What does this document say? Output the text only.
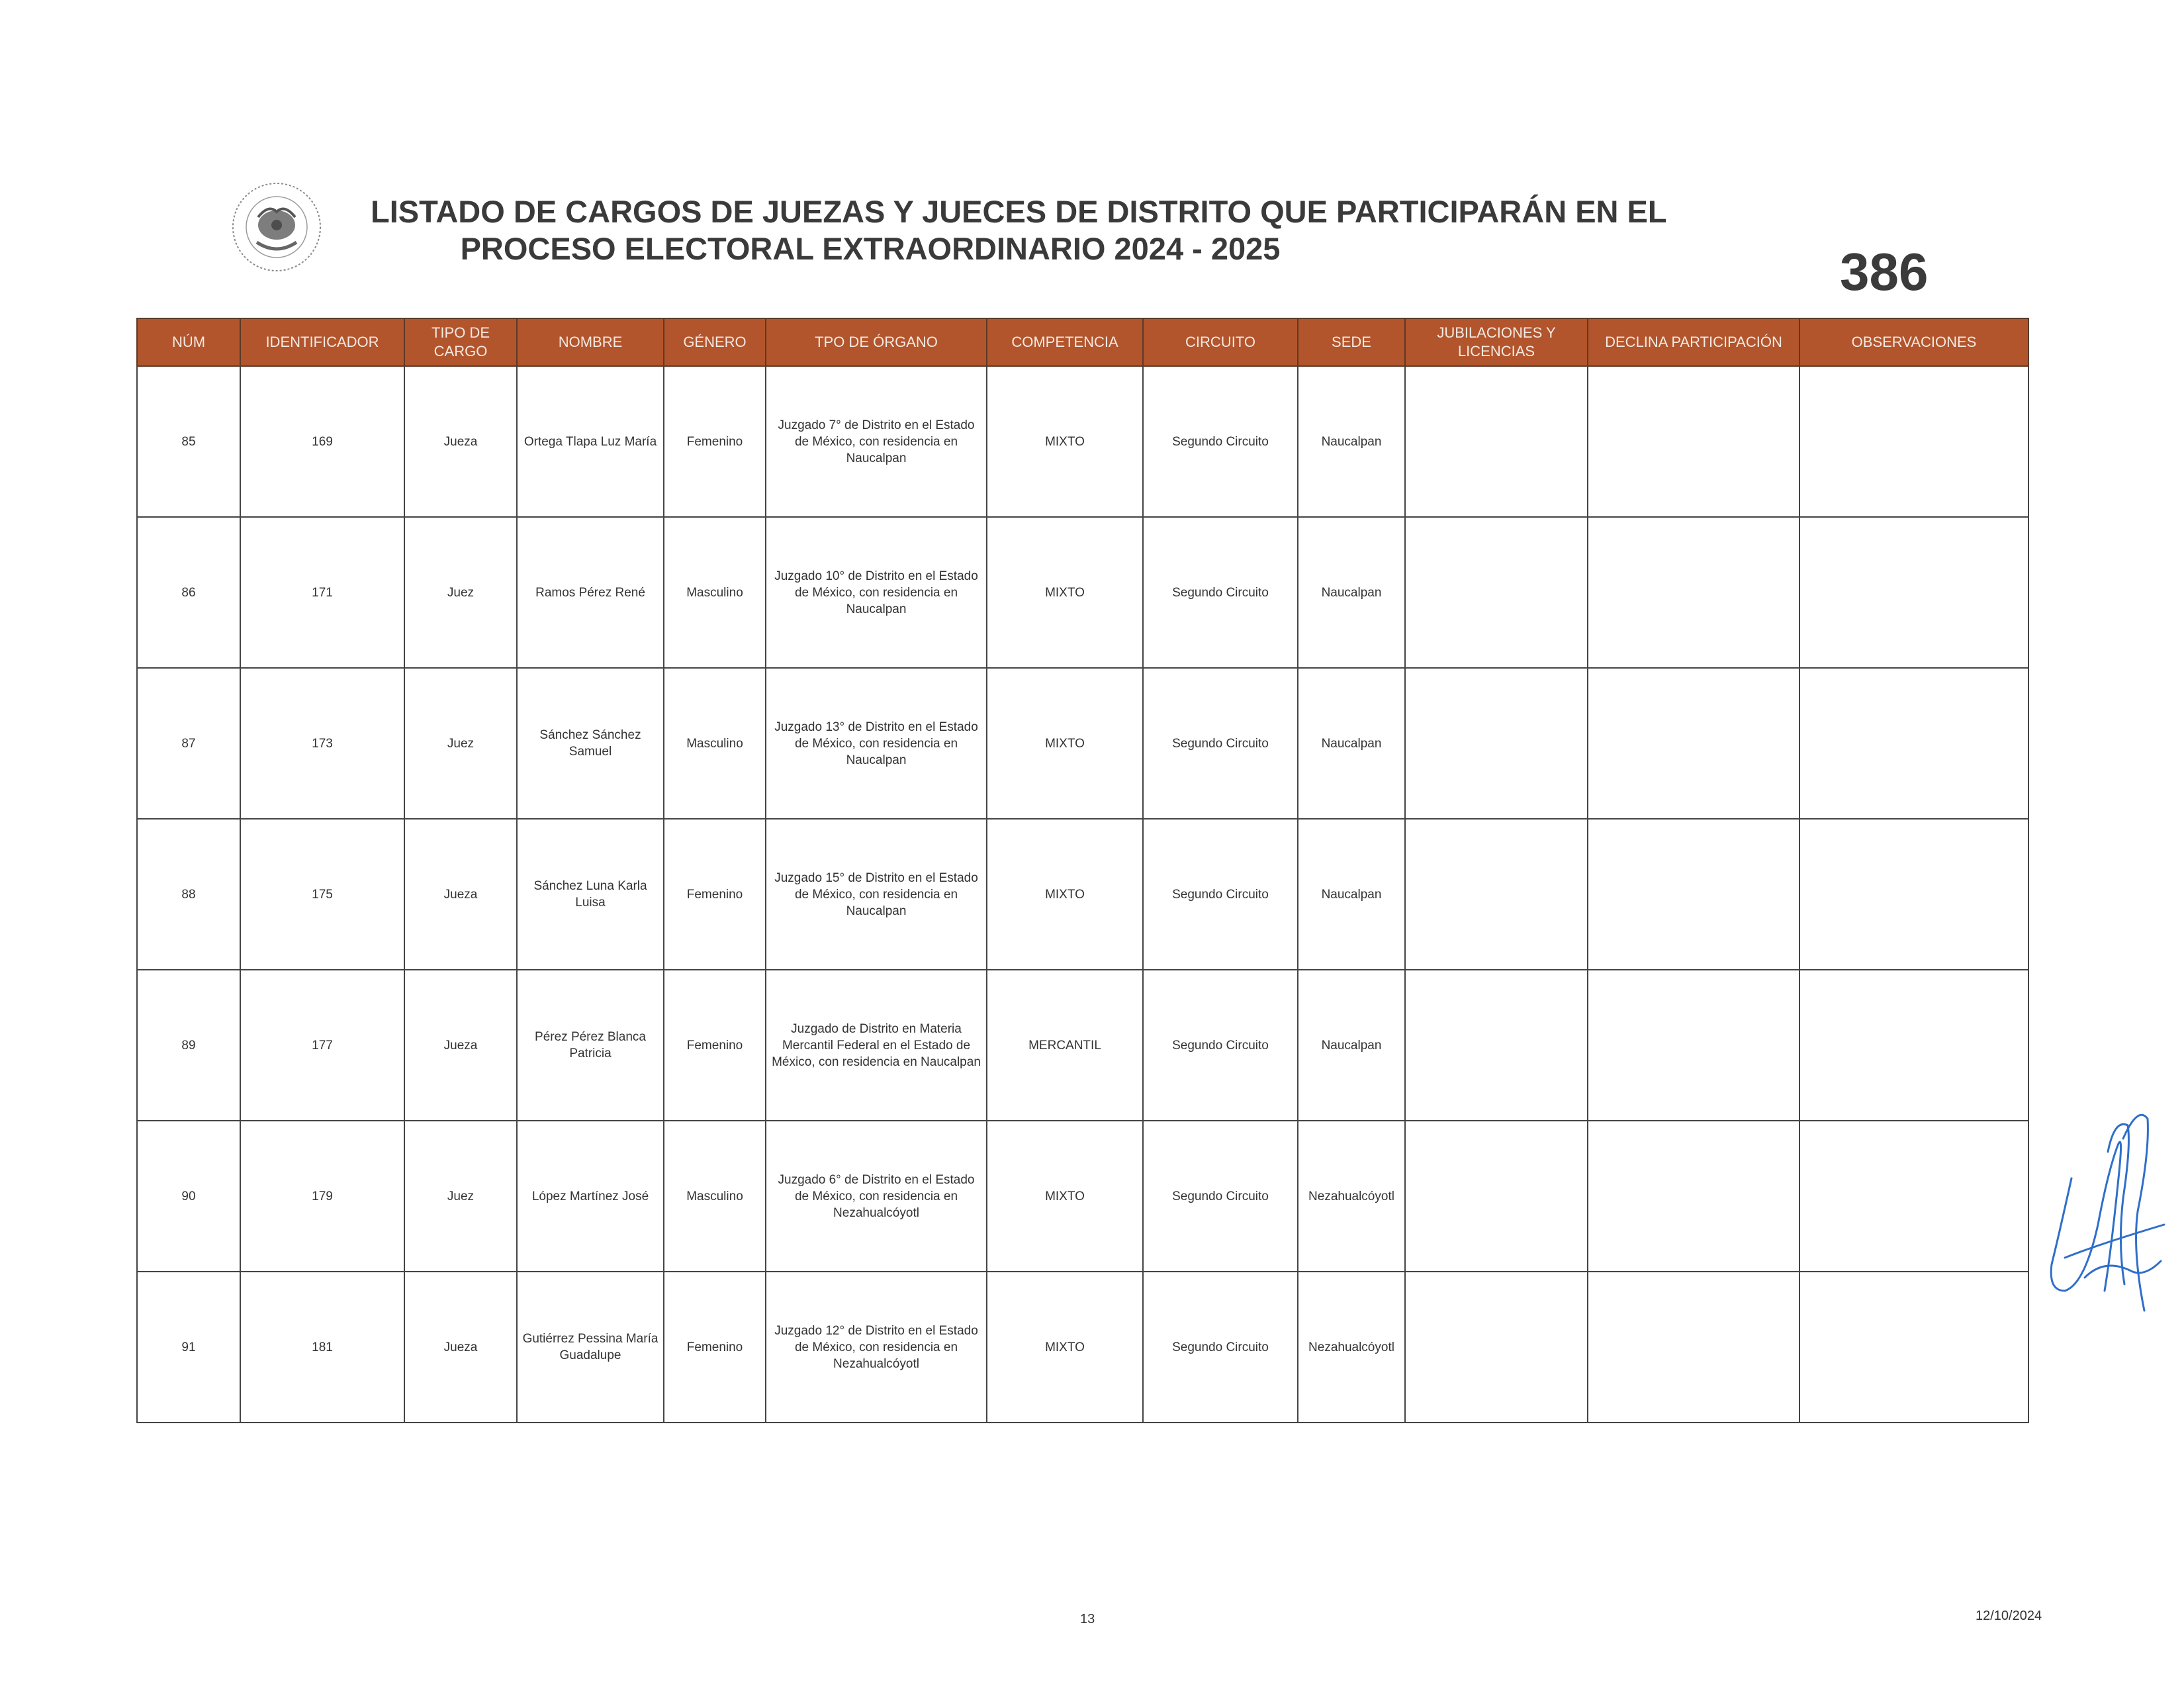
LISTADO DE CARGOS DE JUEZAS Y JUECES DE DISTRITO QUE PARTICIPARÁN EN EL
PROCESO ELECTORAL EXTRAORDINARIO 2024 - 2025	386
NÚM	IDENTIFICADOR	TIPO DE CARGO	NOMBRE	GÉNERO	TPO DE ÓRGANO	COMPETENCIA	CIRCUITO	SEDE	JUBILACIONES Y LICENCIAS	DECLINA PARTICIPACIÓN	OBSERVACIONES
85	169	Jueza	Ortega Tlapa Luz María	Femenino	Juzgado 7° de Distrito en el Estado de México, con residencia en Naucalpan	MIXTO	Segundo Circuito	Naucalpan			
86	171	Juez	Ramos Pérez René	Masculino	Juzgado 10° de Distrito en el Estado de México, con residencia en Naucalpan	MIXTO	Segundo Circuito	Naucalpan			
87	173	Juez	Sánchez Sánchez Samuel	Masculino	Juzgado 13° de Distrito en el Estado de México, con residencia en Naucalpan	MIXTO	Segundo Circuito	Naucalpan			
88	175	Jueza	Sánchez Luna Karla Luisa	Femenino	Juzgado 15° de Distrito en el Estado de México, con residencia en Naucalpan	MIXTO	Segundo Circuito	Naucalpan			
89	177	Jueza	Pérez Pérez Blanca Patricia	Femenino	Juzgado de Distrito en Materia Mercantil Federal en el Estado de México, con residencia en Naucalpan	MERCANTIL	Segundo Circuito	Naucalpan			
90	179	Juez	López Martínez José	Masculino	Juzgado 6° de Distrito en el Estado de México, con residencia en Nezahualcóyotl	MIXTO	Segundo Circuito	Nezahualcóyotl			
91	181	Jueza	Gutiérrez Pessina María Guadalupe	Femenino	Juzgado 12° de Distrito en el Estado de México, con residencia en Nezahualcóyotl	MIXTO	Segundo Circuito	Nezahualcóyotl			
13	12/10/2024
